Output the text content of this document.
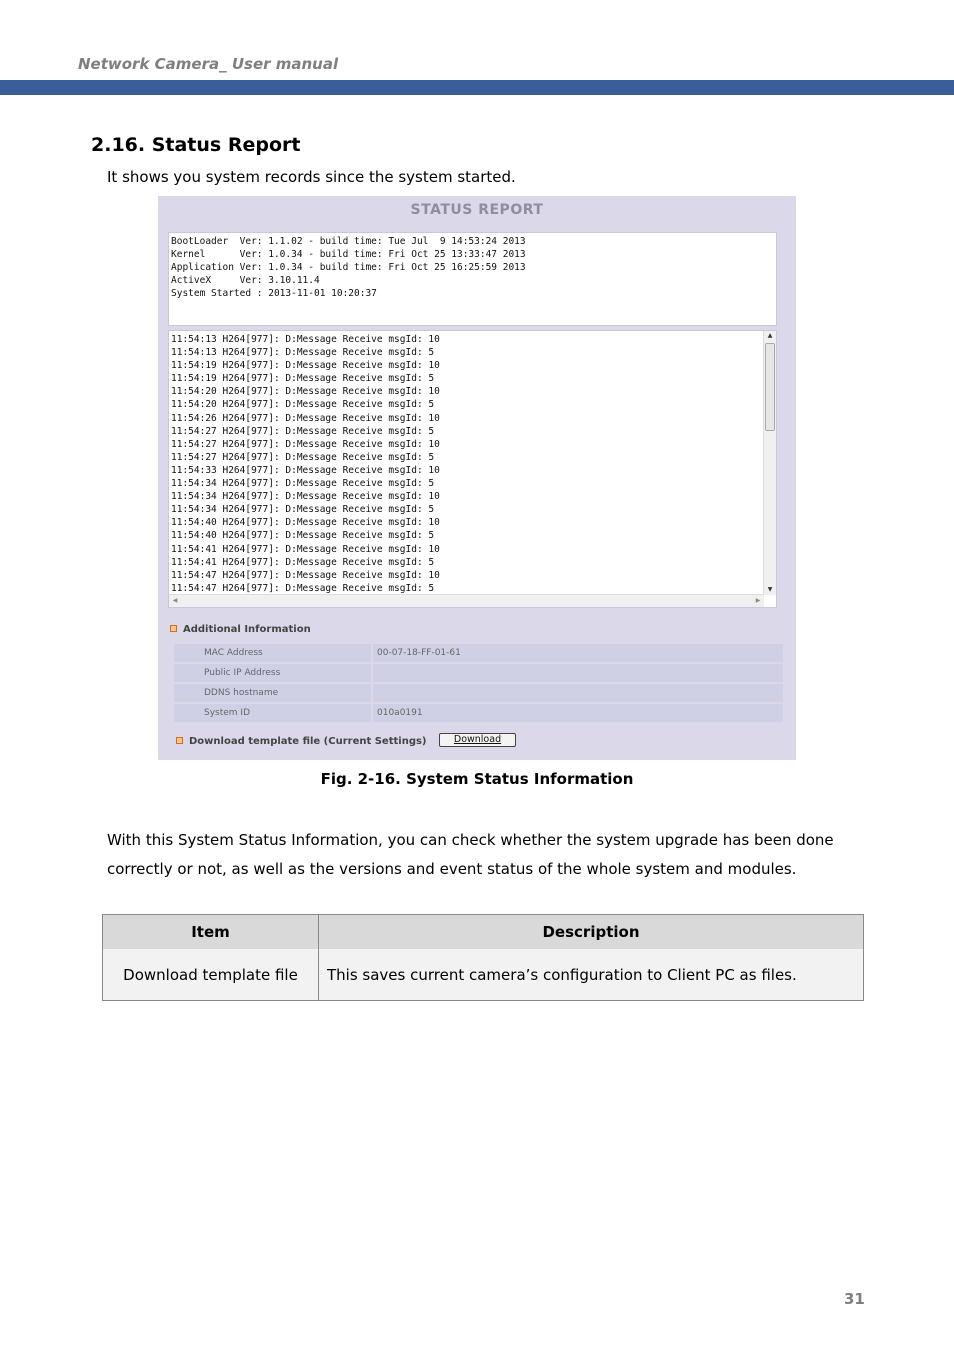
Network Camera_ User manual
2.16. Status Report
It shows you system records since the system started.
STATUS REPORT
BootLoader  Ver: 1.1.02 - build time: Tue Jul  9 14:53:24 2013
Kernel      Ver: 1.0.34 - build time: Fri Oct 25 13:33:47 2013
Application Ver: 1.0.34 - build time: Fri Oct 25 16:25:59 2013
ActiveX     Ver: 3.10.11.4
System Started : 2013-11-01 10:20:37
11:54:13 H264[977]: D:Message Receive msgId: 10
11:54:13 H264[977]: D:Message Receive msgId: 5
11:54:19 H264[977]: D:Message Receive msgId: 10
11:54:19 H264[977]: D:Message Receive msgId: 5
11:54:20 H264[977]: D:Message Receive msgId: 10
11:54:20 H264[977]: D:Message Receive msgId: 5
11:54:26 H264[977]: D:Message Receive msgId: 10
11:54:27 H264[977]: D:Message Receive msgId: 5
11:54:27 H264[977]: D:Message Receive msgId: 10
11:54:27 H264[977]: D:Message Receive msgId: 5
11:54:33 H264[977]: D:Message Receive msgId: 10
11:54:34 H264[977]: D:Message Receive msgId: 5
11:54:34 H264[977]: D:Message Receive msgId: 10
11:54:34 H264[977]: D:Message Receive msgId: 5
11:54:40 H264[977]: D:Message Receive msgId: 10
11:54:40 H264[977]: D:Message Receive msgId: 5
11:54:41 H264[977]: D:Message Receive msgId: 10
11:54:41 H264[977]: D:Message Receive msgId: 5
11:54:47 H264[977]: D:Message Receive msgId: 10
11:54:47 H264[977]: D:Message Receive msgId: 5
▲
▼
◀	▶
Additional Information
MAC Address	00-07-18-FF-01-61
Public IP Address	
DDNS hostname	
System ID	010a0191
Download template file (Current Settings)	Download
Fig. 2-16. System Status Information
With this System Status Information, you can check whether the system upgrade has been done correctly or not, as well as the versions and event status of the whole system and modules.
Item	Description
Download template file	This saves current camera’s configuration to Client PC as files.
31
